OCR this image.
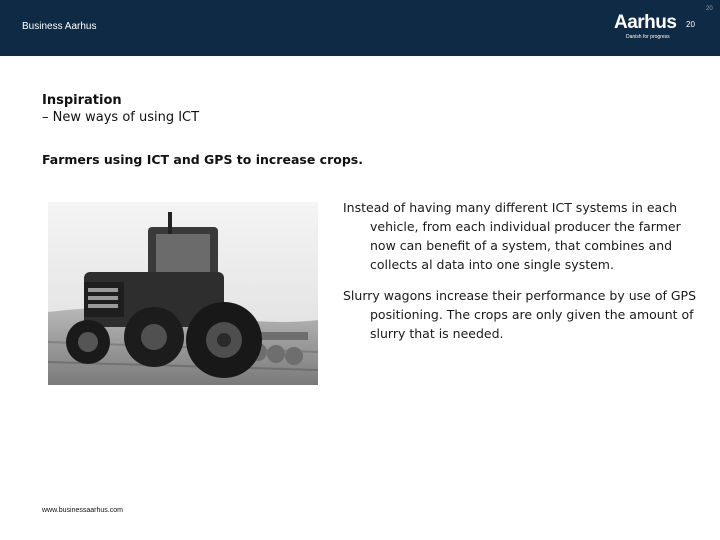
Business Aarhus	Aarhus
Danish for progress
20
20
Inspiration
– New ways of using ICT
Farmers using ICT and GPS to increase crops.

Instead of having many different ICT systems in each vehicle, from each individual producer the farmer now can benefit of a system, that combines and collects al data into one single system.

Slurry wagons increase their performance by use of GPS positioning. The crops are only given the amount of slurry that is needed.

www.businessaarhus.com
